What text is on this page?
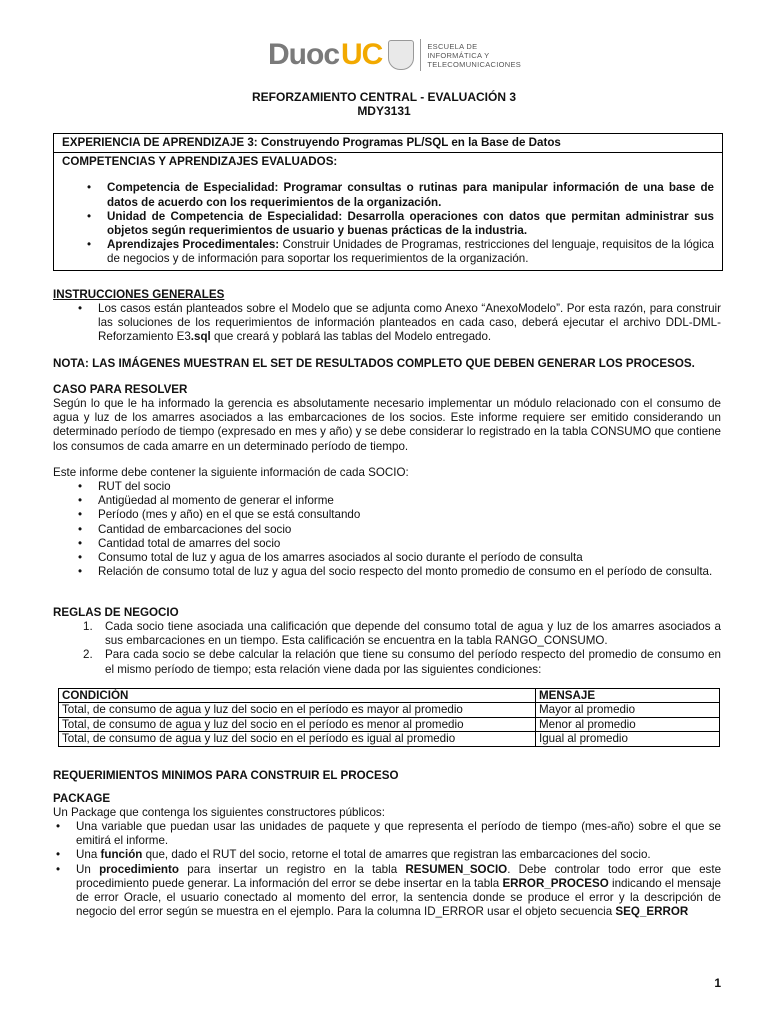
Duoc UC	ESCUELA DE
INFORMÁTICA Y
TELECOMUNICACIONES
REFORZAMIENTO CENTRAL - EVALUACIÓN 3
MDY3131
EXPERIENCIA DE APRENDIZAJE 3: Construyendo Programas PL/SQL en la Base de Datos
COMPETENCIAS Y APRENDIZAJES EVALUADOS:
• Competencia de Especialidad: Programar consultas o rutinas para manipular información de una base de datos de acuerdo con los requerimientos de la organización.
• Unidad de Competencia de Especialidad: Desarrolla operaciones con datos que permitan administrar sus objetos según requerimientos de usuario y buenas prácticas de la industria.
• Aprendizajes Procedimentales: Construir Unidades de Programas, restricciones del lenguaje, requisitos de la lógica de negocios y de información para soportar los requerimientos de la organización.
INSTRUCCIONES GENERALES
• Los casos están planteados sobre el Modelo que se adjunta como Anexo “AnexoModelo”. Por esta razón, para construir las soluciones de los requerimientos de información planteados en cada caso, deberá ejecutar el archivo DDL-DML-Reforzamiento E3.sql que creará y poblará las tablas del Modelo entregado.
NOTA: LAS IMÁGENES MUESTRAN EL SET DE RESULTADOS COMPLETO QUE DEBEN GENERAR LOS PROCESOS.
CASO PARA RESOLVER
Según lo que le ha informado la gerencia es absolutamente necesario implementar un módulo relacionado con el consumo de agua y luz de los amarres asociados a las embarcaciones de los socios. Este informe requiere ser emitido considerando un determinado período de tiempo (expresado en mes y año) y se debe considerar lo registrado en la tabla CONSUMO que contiene los consumos de cada amarre en un determinado período de tiempo.
Este informe debe contener la siguiente información de cada SOCIO:
• RUT del socio
• Antigüedad al momento de generar el informe
• Período (mes y año) en el que se está consultando
• Cantidad de embarcaciones del socio
• Cantidad total de amarres del socio
• Consumo total de luz y agua de los amarres asociados al socio durante el período de consulta
• Relación de consumo total de luz y agua del socio respecto del monto promedio de consumo en el período de consulta.
REGLAS DE NEGOCIO
1. Cada socio tiene asociada una calificación que depende del consumo total de agua y luz de los amarres asociados a sus embarcaciones en un tiempo. Esta calificación se encuentra en la tabla RANGO_CONSUMO.
2. Para cada socio se debe calcular la relación que tiene su consumo del período respecto del promedio de consumo en el mismo período de tiempo; esta relación viene dada por las siguientes condiciones:
CONDICIÓN	MENSAJE
Total, de consumo de agua y luz del socio en el período es mayor al promedio	Mayor al promedio
Total, de consumo de agua y luz del socio en el período es menor al promedio	Menor al promedio
Total, de consumo de agua y luz del socio en el período es igual al promedio	Igual al promedio
REQUERIMIENTOS MINIMOS PARA CONSTRUIR EL PROCESO
PACKAGE
Un Package que contenga los siguientes constructores públicos:
• Una variable que puedan usar las unidades de paquete y que representa el período de tiempo (mes-año) sobre el que se emitirá el informe.
• Una función que, dado el RUT del socio, retorne el total de amarres que registran las embarcaciones del socio.
• Un procedimiento para insertar un registro en la tabla RESUMEN_SOCIO. Debe controlar todo error que este procedimiento puede generar. La información del error se debe insertar en la tabla ERROR_PROCESO indicando el mensaje de error Oracle, el usuario conectado al momento del error, la sentencia donde se produce el error y la descripción de negocio del error según se muestra en el ejemplo. Para la columna ID_ERROR usar el objeto secuencia SEQ_ERROR
1
